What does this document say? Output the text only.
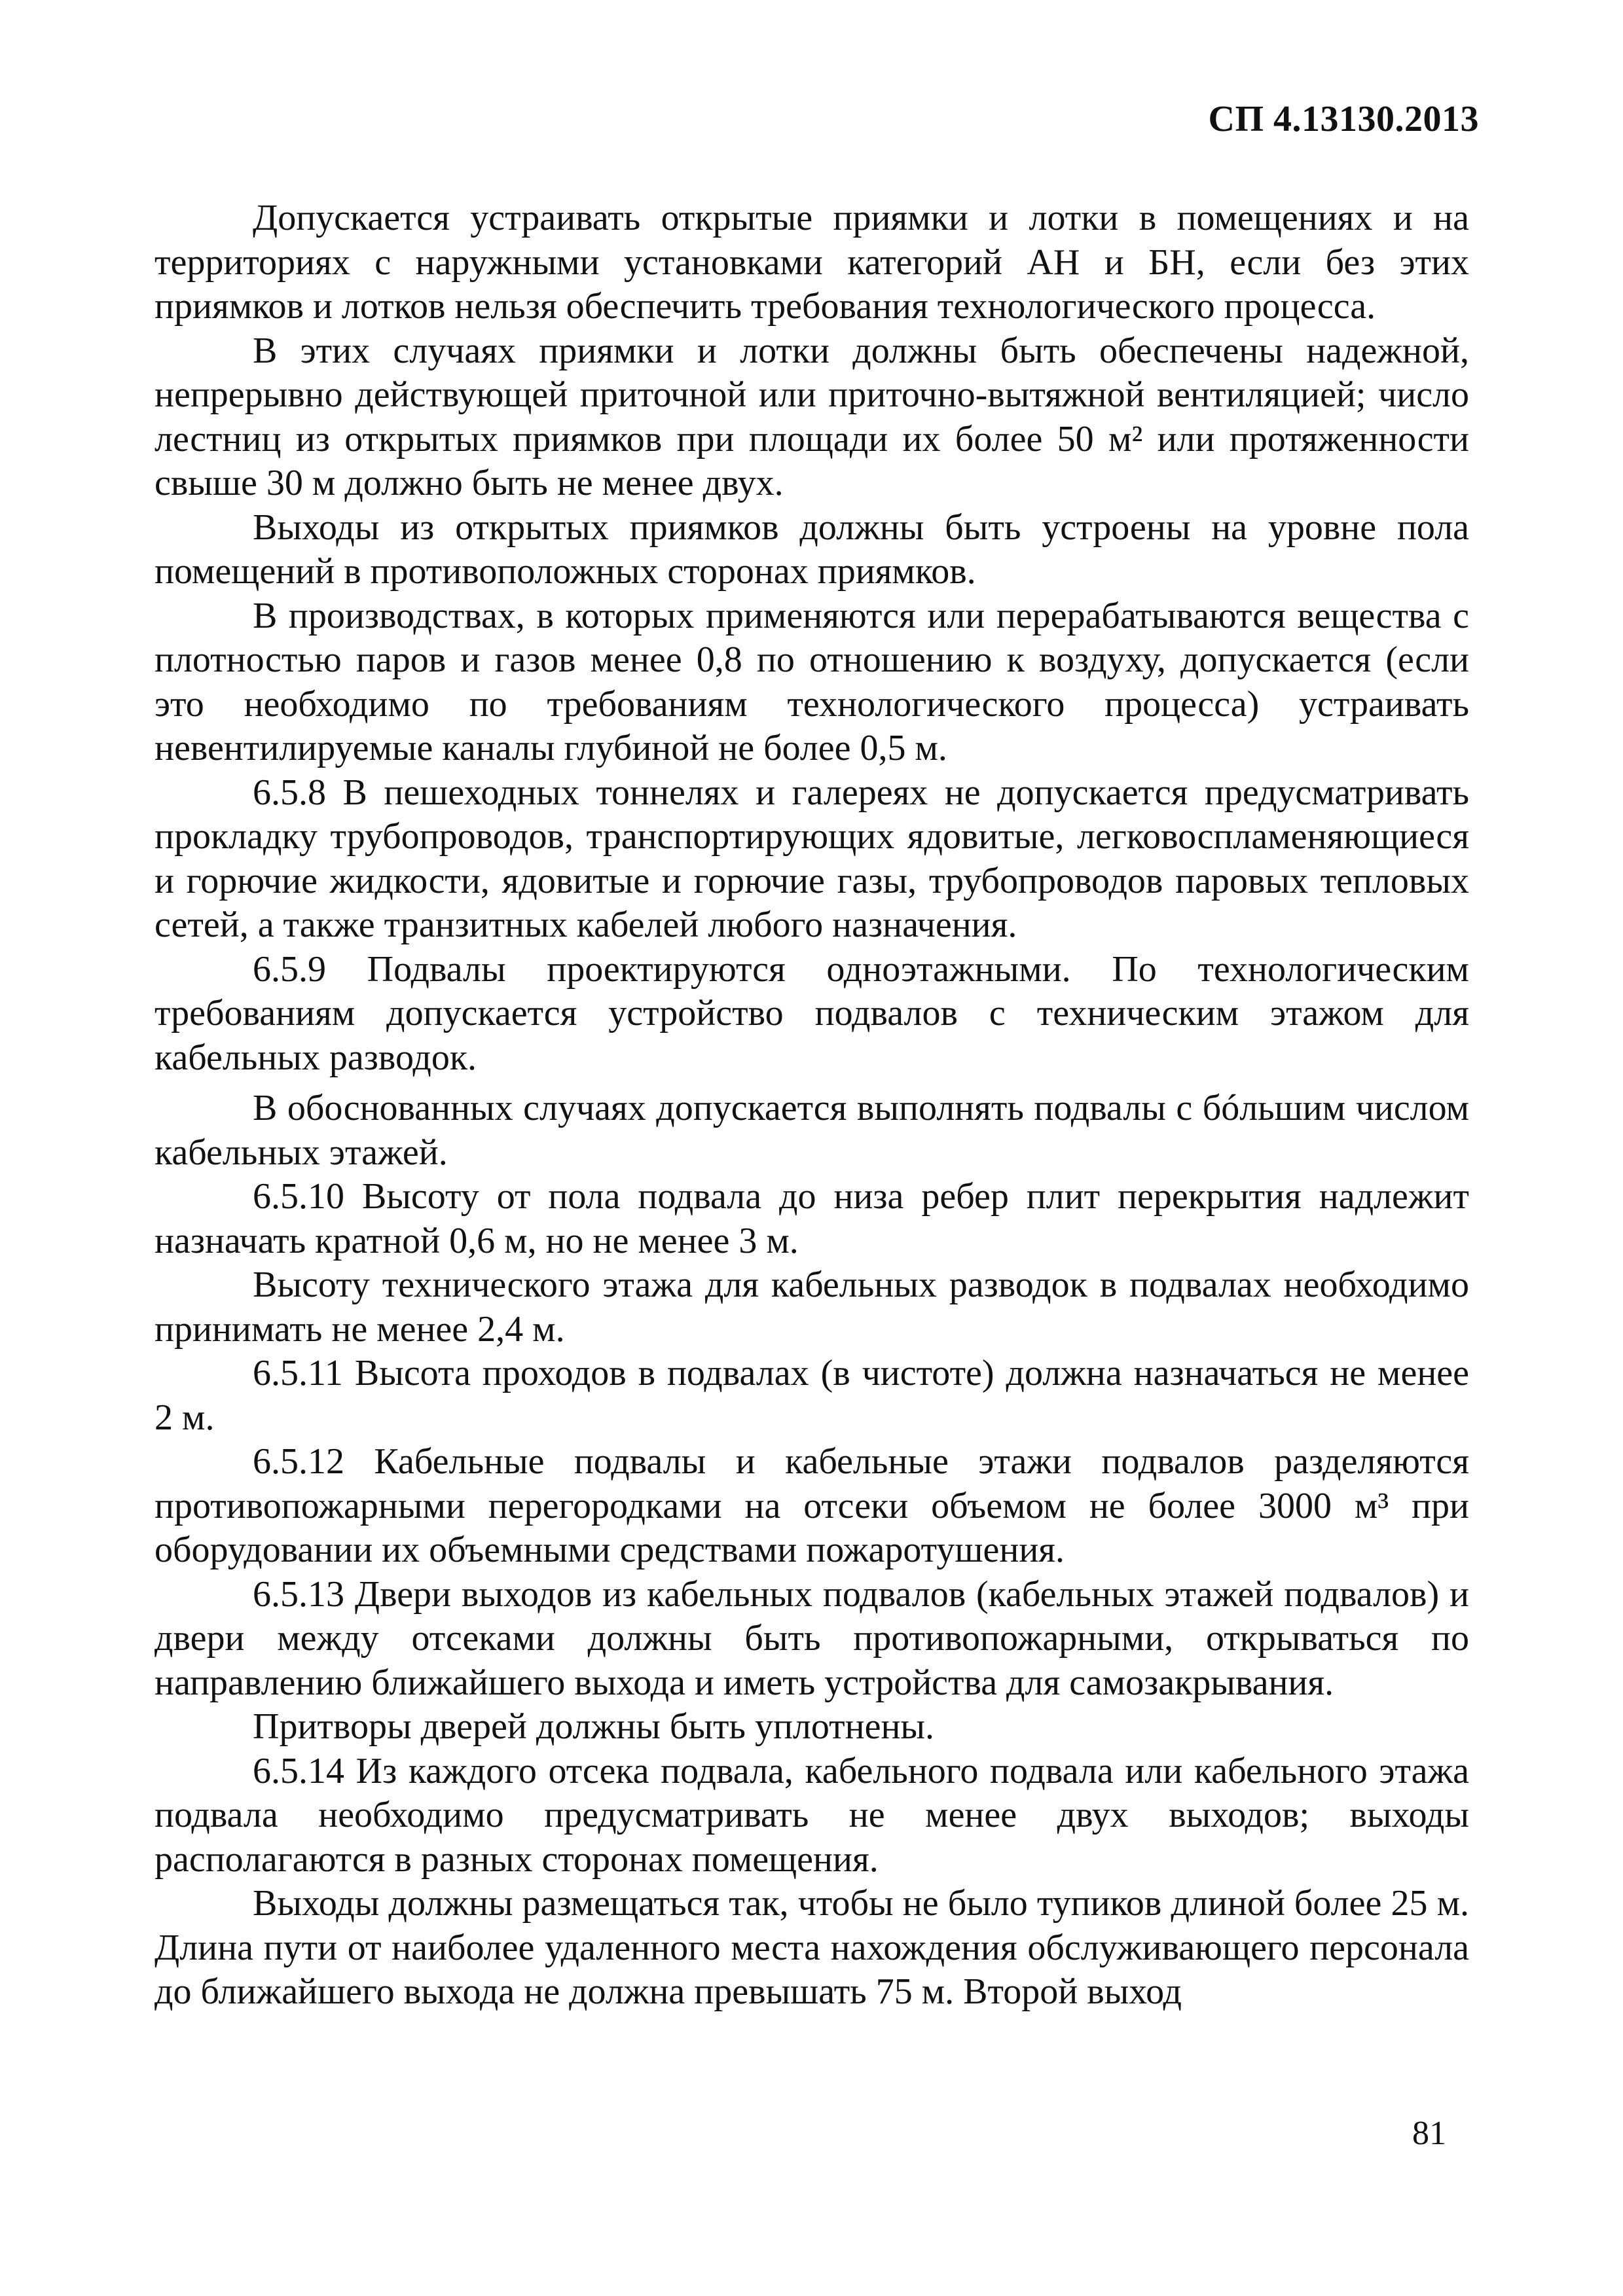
СП 4.13130.2013

Допускается устраивать открытые приямки и лотки в помещениях и на территориях с наружными установками категорий АН и БН, если без этих приямков и лотков нельзя обеспечить требования технологического процесса.

В этих случаях приямки и лотки должны быть обеспечены надежной, непрерывно действующей приточной или приточно-вытяжной вентиляцией; число лестниц из открытых приямков при площади их более 50 м² или протяженности свыше 30 м должно быть не менее двух.

Выходы из открытых приямков должны быть устроены на уровне пола помещений в противоположных сторонах приямков.

В производствах, в которых применяются или перерабатываются вещества с плотностью паров и газов менее 0,8 по отношению к воздуху, допускается (если это необходимо по требованиям технологического процесса) устраивать невентилируемые каналы глубиной не более 0,5 м.

6.5.8 В пешеходных тоннелях и галереях не допускается предусматривать прокладку трубопроводов, транспортирующих ядовитые, легковоспламеняющиеся и горючие жидкости, ядовитые и горючие газы, трубопроводов паровых тепловых сетей, а также транзитных кабелей любого назначения.

6.5.9 Подвалы проектируются одноэтажными. По технологическим требованиям допускается устройство подвалов с техническим этажом для кабельных разводок.

В обоснованных случаях допускается выполнять подвалы с бóльшим числом кабельных этажей.

6.5.10 Высоту от пола подвала до низа ребер плит перекрытия надлежит назначать кратной 0,6 м, но не менее 3 м.

Высоту технического этажа для кабельных разводок в подвалах необходимо принимать не менее 2,4 м.

6.5.11 Высота проходов в подвалах (в чистоте) должна назначаться не менее 2 м.

6.5.12 Кабельные подвалы и кабельные этажи подвалов разделяются противопожарными перегородками на отсеки объемом не более 3000 м³ при оборудовании их объемными средствами пожаротушения.

6.5.13 Двери выходов из кабельных подвалов (кабельных этажей подвалов) и двери между отсеками должны быть противопожарными, открываться по направлению ближайшего выхода и иметь устройства для самозакрывания.

Притворы дверей должны быть уплотнены.

6.5.14 Из каждого отсека подвала, кабельного подвала или кабельного этажа подвала необходимо предусматривать не менее двух выходов; выходы располагаются в разных сторонах помещения.

Выходы должны размещаться так, чтобы не было тупиков длиной более 25 м. Длина пути от наиболее удаленного места нахождения обслуживающего персонала до ближайшего выхода не должна превышать 75 м. Второй выход

81
